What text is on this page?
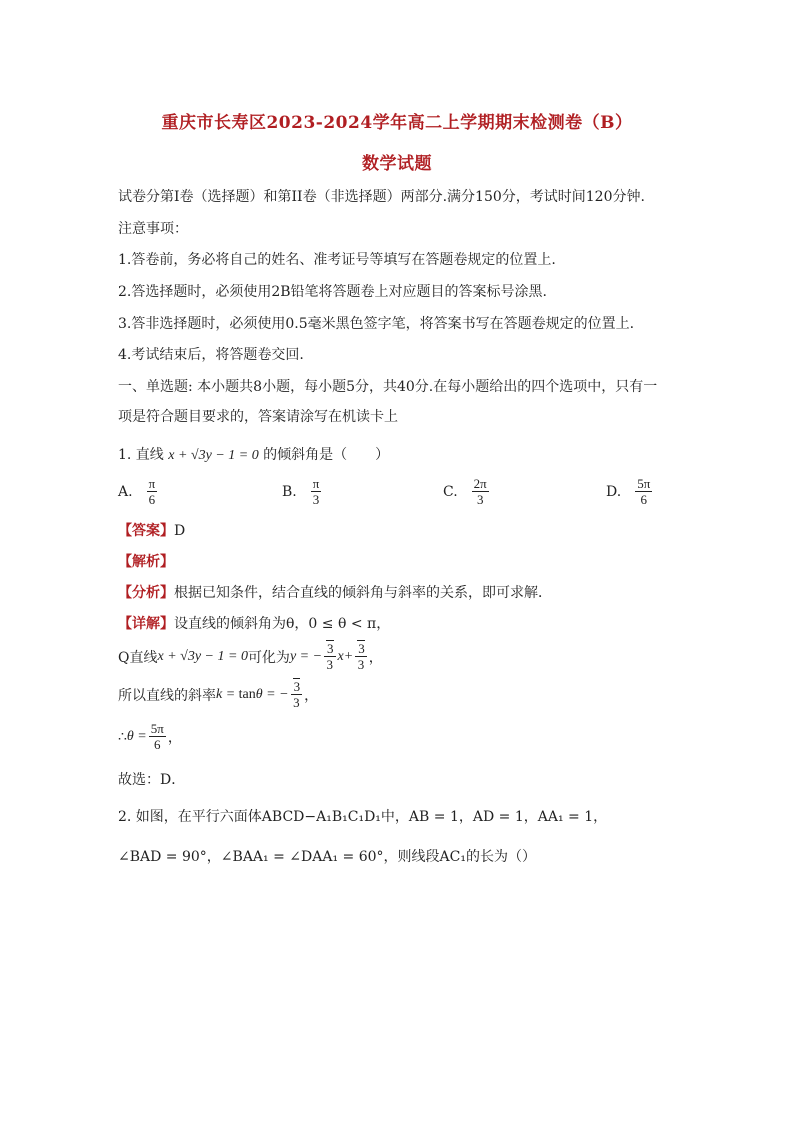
重庆市长寿区2023-2024学年高二上学期期末检测卷（B）
数学试题
试卷分第I卷（选择题）和第II卷（非选择题）两部分.满分150分，考试时间120分钟.
注意事项：
1.答卷前，务必将自己的姓名、准考证号等填写在答题卷规定的位置上.
2.答选择题时，必须使用2B铅笔将答题卷上对应题目的答案标号涂黑.
3.答非选择题时，必须使用0.5毫米黑色签字笔，将答案书写在答题卷规定的位置上.
4.考试结束后，将答题卷交回.
一、单选题: 本小题共8小题，每小题5分，共40分.在每小题给出的四个选项中，只有一
项是符合题目要求的，答案请涂写在机读卡上
1. 直线 x + √3y − 1 = 0 的倾斜角是（　　）
A. $\frac{\pi}{6}$	B. $\frac{\pi}{3}$	C. $\frac{2\pi}{3}$	D. $\frac{5\pi}{6}$
【答案】D
【解析】
【分析】根据已知条件，结合直线的倾斜角与斜率的关系，即可求解．
【详解】设直线的倾斜角为θ，0 ≤ θ < π，
Q直线 x + √3y − 1 = 0 可化为 y = − $\frac{3}{3} x+ \frac{3}{3}$ ，
所以直线的斜率 k = tanθ = − $\frac{3}{3}$ ，
∴ $\theta = \frac{5\pi}{6}$ ，
故选：D．
2. 如图，在平行六面体ABCD−A₁B₁C₁D₁中，AB = 1，AD = 1，AA₁ = 1，
∠BAD = 90°，∠BAA₁ = ∠DAA₁ = 60°，则线段AC₁的长为（）
